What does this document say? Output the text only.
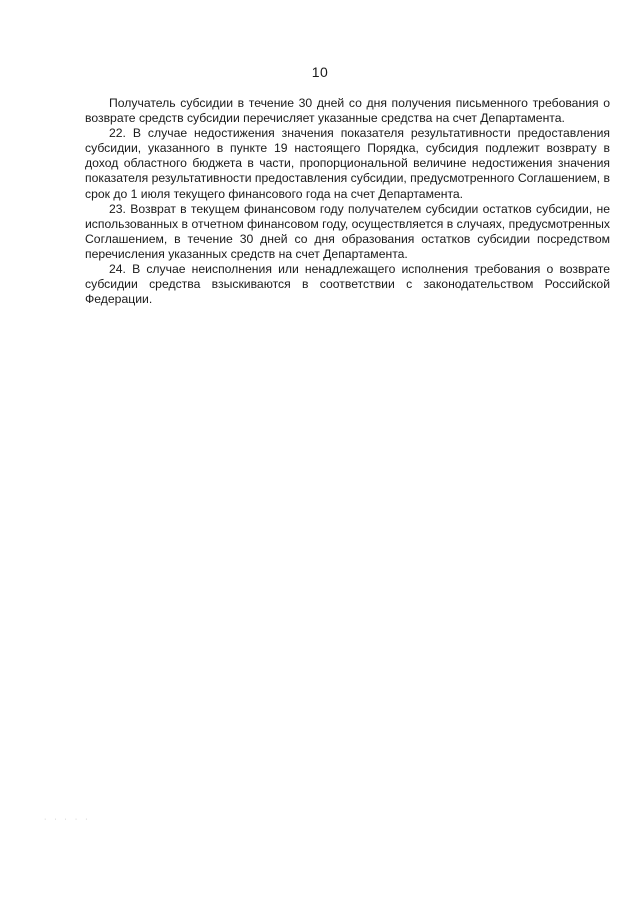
10

Получатель субсидии в течение 30 дней со дня получения письменного требования о возврате средств субсидии перечисляет указанные средства на счет Департамента.

22. В случае недостижения значения показателя результативности предоставления субсидии, указанного в пункте 19 настоящего Порядка, субсидия подлежит возврату в доход областного бюджета в части, пропорциональной величине недостижения значения показателя результативности предоставления субсидии, предусмотренного Соглашением, в срок до 1 июля текущего финансового года на счет Департамента.

23. Возврат в текущем финансовом году получателем субсидии остатков субсидии, не использованных в отчетном финансовом году, осуществляется в случаях, предусмотренных Соглашением, в течение 30 дней со дня образования остатков субсидии посредством перечисления указанных средств на счет Департамента.

24. В случае неисполнения или ненадлежащего исполнения требования о возврате субсидии средства взыскиваются в соответствии с законодательством Российской Федерации.

· · · · ·
